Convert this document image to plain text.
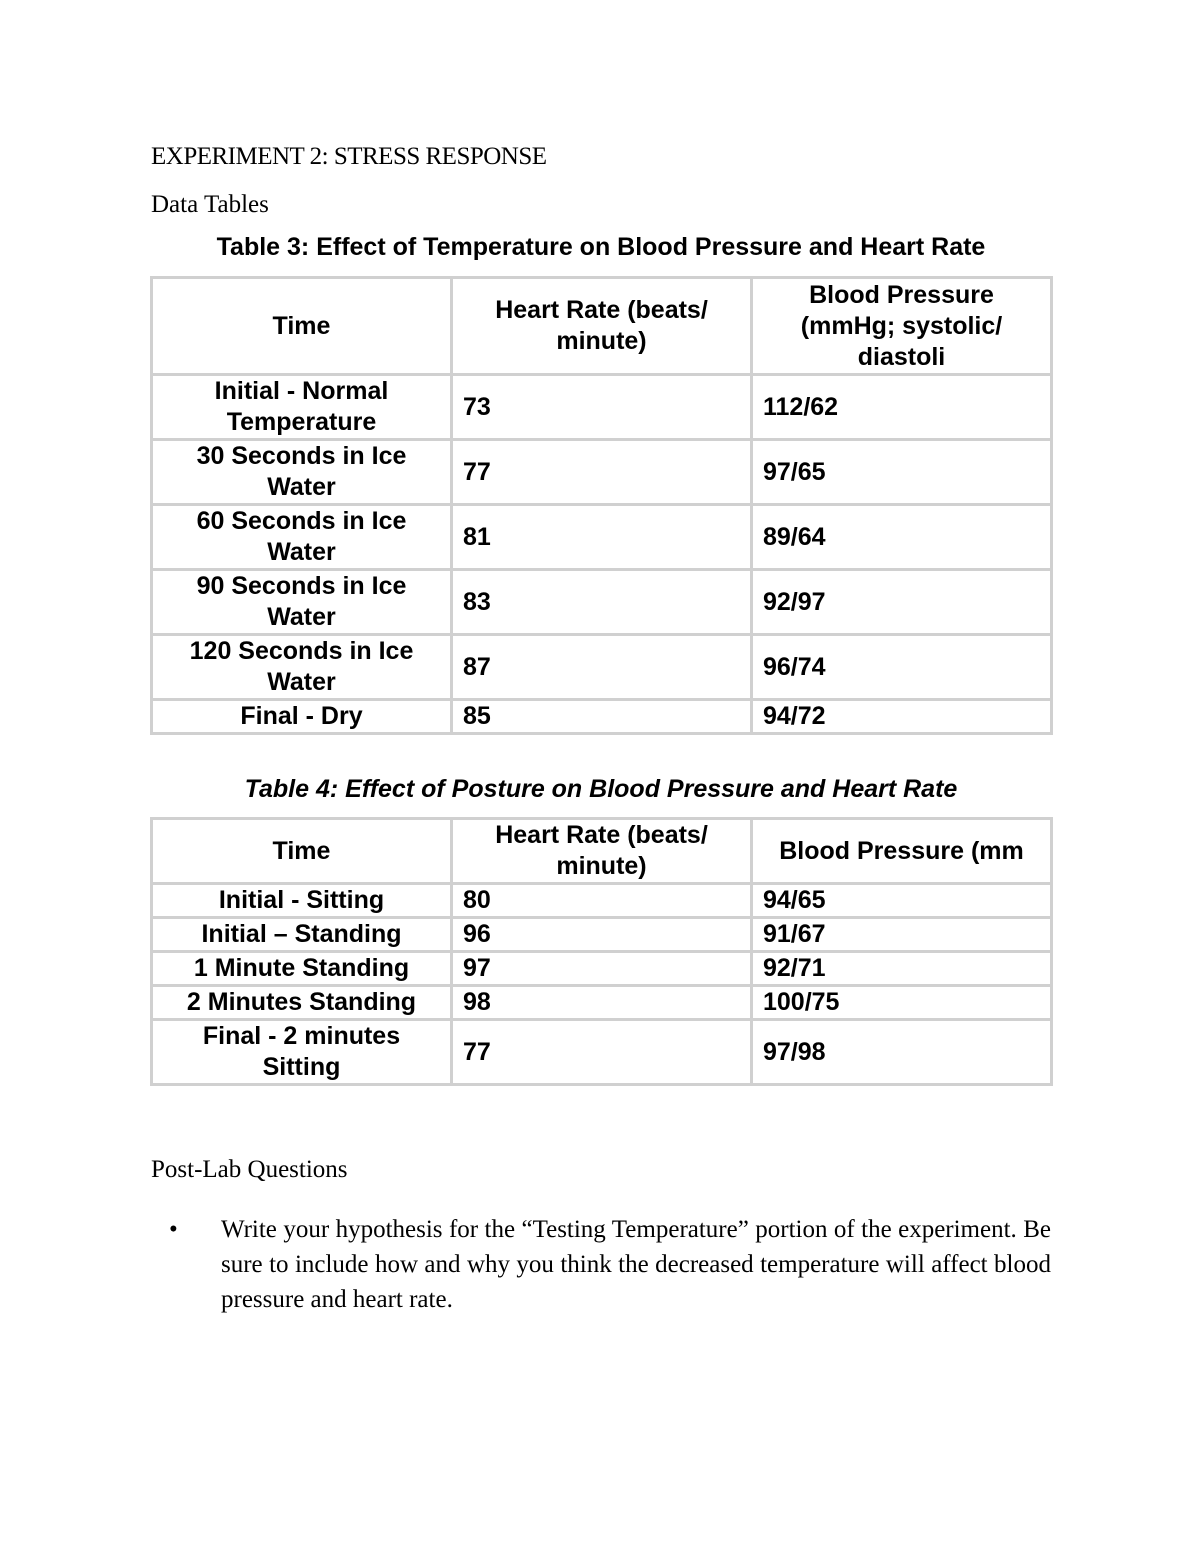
EXPERIMENT 2: STRESS RESPONSE
Data Tables
Table 3: Effect of Temperature on Blood Pressure and Heart Rate
Time	Heart Rate (beats/ minute)	Blood Pressure (mmHg; systolic/ diastoli
Initial - Normal Temperature	73	112/62
30 Seconds in Ice Water	77	97/65
60 Seconds in Ice Water	81	89/64
90 Seconds in Ice Water	83	92/97
120 Seconds in Ice Water	87	96/74
Final - Dry	85	94/72
Table 4: Effect of Posture on Blood Pressure and Heart Rate
Time	Heart Rate (beats/ minute)	Blood Pressure (mm
Initial - Sitting	80	94/65
Initial – Standing	96	91/67
1 Minute Standing	97	92/71
2 Minutes Standing	98	100/75
Final - 2 minutes Sitting	77	97/98
Post-Lab Questions
• Write your hypothesis for the “Testing Temperature” portion of the experiment. Be sure to include how and why you think the decreased temperature will affect blood pressure and heart rate.
